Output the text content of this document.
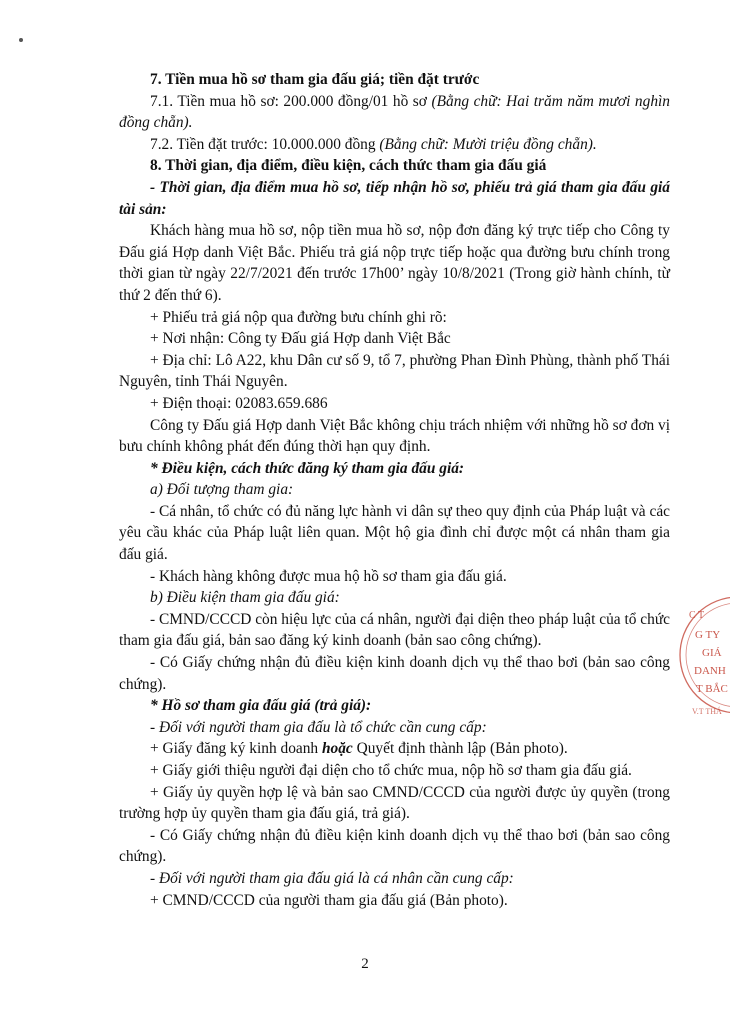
7. Tiền mua hồ sơ tham gia đấu giá; tiền đặt trước

7.1. Tiền mua hồ sơ: 200.000 đồng/01 hồ sơ (Bằng chữ: Hai trăm năm mươi nghìn đồng chẵn).

7.2. Tiền đặt trước: 10.000.000 đồng (Bằng chữ: Mười triệu đồng chẵn).

8. Thời gian, địa điểm, điều kiện, cách thức tham gia đấu giá

- Thời gian, địa điểm mua hồ sơ, tiếp nhận hồ sơ, phiếu trả giá tham gia đấu giá tài sản:

Khách hàng mua hồ sơ, nộp tiền mua hồ sơ, nộp đơn đăng ký trực tiếp cho Công ty Đấu giá Hợp danh Việt Bắc. Phiếu trả giá nộp trực tiếp hoặc qua đường bưu chính trong thời gian từ ngày 22/7/2021 đến trước 17h00’ ngày 10/8/2021 (Trong giờ hành chính, từ thứ 2 đến thứ 6).

+ Phiếu trả giá nộp qua đường bưu chính ghi rõ:

+ Nơi nhận: Công ty Đấu giá Hợp danh Việt Bắc

+ Địa chỉ: Lô A22, khu Dân cư số 9, tổ 7, phường Phan Đình Phùng, thành phố Thái Nguyên, tỉnh Thái Nguyên.

+ Điện thoại: 02083.659.686

Công ty Đấu giá Hợp danh Việt Bắc không chịu trách nhiệm với những hồ sơ đơn vị bưu chính không phát đến đúng thời hạn quy định.

* Điều kiện, cách thức đăng ký tham gia đấu giá:

a) Đối tượng tham gia:

- Cá nhân, tổ chức có đủ năng lực hành vi dân sự theo quy định của Pháp luật và các yêu cầu khác của Pháp luật liên quan. Một hộ gia đình chỉ được một cá nhân tham gia đấu giá.

- Khách hàng không được mua hộ hồ sơ tham gia đấu giá.

b) Điều kiện tham gia đấu giá:

- CMND/CCCD còn hiệu lực của cá nhân, người đại diện theo pháp luật của tổ chức tham gia đấu giá, bản sao đăng ký kinh doanh (bản sao công chứng).

- Có Giấy chứng nhận đủ điều kiện kinh doanh dịch vụ thể thao bơi (bản sao công chứng).

* Hồ sơ tham gia đấu giá (trả giá):

- Đối với người tham gia đấu là tổ chức cần cung cấp:

+ Giấy đăng ký kinh doanh hoặc Quyết định thành lập (Bản photo).

+ Giấy giới thiệu người đại diện cho tổ chức mua, nộp hồ sơ tham gia đấu giá.

+ Giấy ủy quyền hợp lệ và bản sao CMND/CCCD của người được ủy quyền (trong trường hợp ủy quyền tham gia đấu giá, trả giá).

- Có Giấy chứng nhận đủ điều kiện kinh doanh dịch vụ thể thao bơi (bản sao công chứng).

- Đối với người tham gia đấu giá là cá nhân cần cung cấp:

+ CMND/CCCD của người tham gia đấu giá (Bản photo).

C T
G TY
GIÁ
DANH
T BẮC
V.T THÁ
2
